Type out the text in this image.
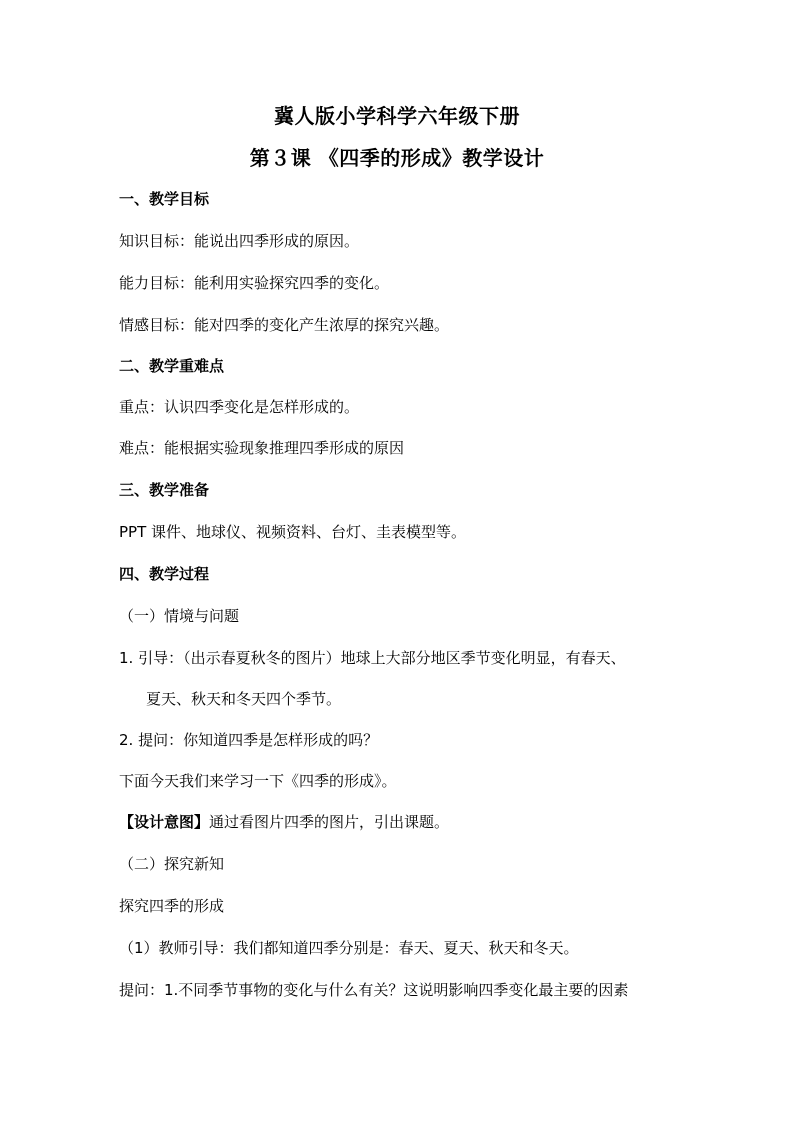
冀人版小学科学六年级下册
第３课 《四季的形成》教学设计
一、教学目标
知识目标：能说出四季形成的原因。
能力目标：能利用实验探究四季的变化。
情感目标：能对四季的变化产生浓厚的探究兴趣。
二、教学重难点
重点：认识四季变化是怎样形成的。
难点：能根据实验现象推理四季形成的原因
三、教学准备
PPT 课件、地球仪、视频资料、台灯、圭表模型等。
四、教学过程
（一）情境与问题
1. 引导：（出示春夏秋冬的图片）地球上大部分地区季节变化明显，有春天、
夏天、秋天和冬天四个季节。
2. 提问：你知道四季是怎样形成的吗？
下面今天我们来学习一下《四季的形成》。
【设计意图】通过看图片四季的图片，引出课题。
（二）探究新知
探究四季的形成
（1）教师引导：我们都知道四季分别是：春天、夏天、秋天和冬天。
提问：1.不同季节事物的变化与什么有关？这说明影响四季变化最主要的因素
